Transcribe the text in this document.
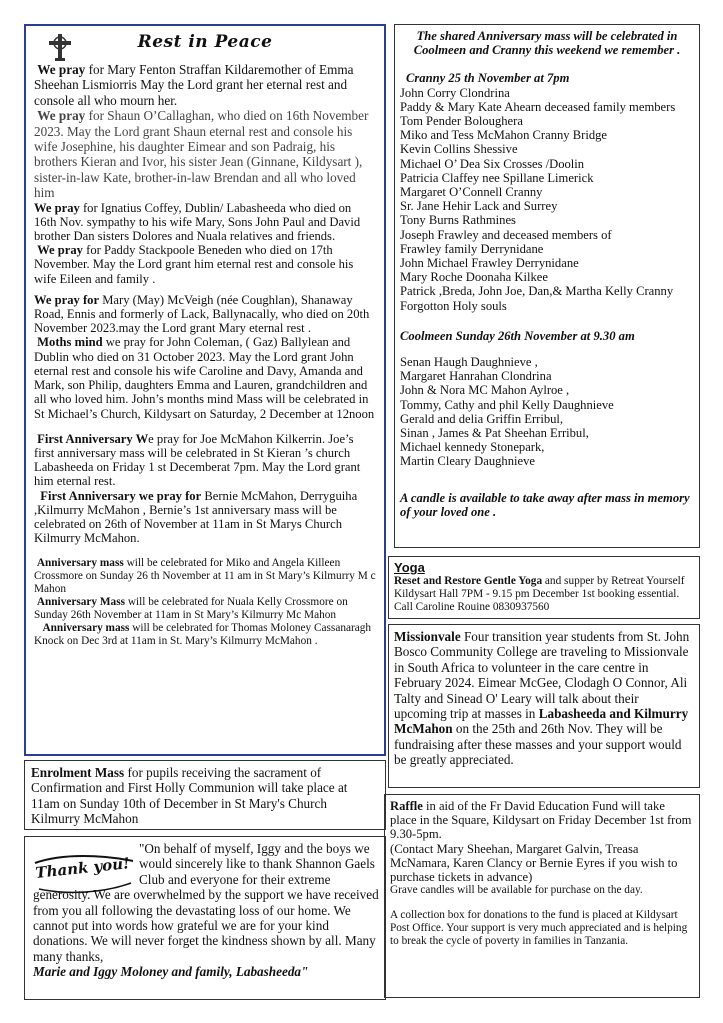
Rest in Peace

We pray for Mary Fenton Straffan Kildaremother of Emma Sheehan Lismiorris May the Lord grant her eternal rest and console all who mourn her.

We pray for Shaun O’Callaghan, who died on 16th November 2023. May the Lord grant Shaun eternal rest and console his wife Josephine, his daughter Eimear and son Padraig, his brothers Kieran and Ivor, his sister Jean (Ginnane, Kildysart ), sister-in-law Kate, brother-in-law Brendan and all who loved him

We pray for Ignatius Coffey, Dublin/ Labasheeda who died on 16th Nov. sympathy to his wife Mary, Sons John Paul and David brother Dan sisters Dolores and Nuala relatives and friends.

We pray for Paddy Stackpoole Beneden who died on 17th November. May the Lord grant him eternal rest and console his wife Eileen and family .

We pray for Mary (May) McVeigh (née Coughlan), Shanaway Road, Ennis and formerly of Lack, Ballynacally, who died on 20th November 2023.may the Lord grant Mary eternal rest .

Moths mind we pray for John Coleman, ( Gaz) Ballylean and Dublin who died on 31 October 2023. May the Lord grant John eternal rest and console his wife Caroline and Davy, Amanda and Mark, son Philip, daughters Emma and Lauren, grandchildren and all who loved him. John’s months mind Mass will be celebrated in St Michael’s Church, Kildysart on Saturday, 2 December at 12noon

First Anniversary We pray for Joe McMahon Kilkerrin. Joe’s first anniversary mass will be celebrated in St Kieran ’s church Labasheeda on Friday 1 st Decemberat 7pm. May the Lord grant him eternal rest.

First Anniversary we pray for Bernie McMahon, Derryguiha ,Kilmurry McMahon , Bernie’s 1st anniversary mass will be celebrated on 26th of November at 11am in St Marys Church Kilmurry McMahon.

Anniversary mass will be celebrated for Miko and Angela Killeen Crossmore on Sunday 26 th November at 11 am in St Mary’s Kilmurry M c Mahon

Anniversary Mass will be celebrated for Nuala Kelly Crossmore on Sunday 26th November at 11am in St Mary’s Kilmurry Mc Mahon

Anniversary mass will be celebrated for Thomas Moloney Cassanaragh Knock on Dec 3rd at 11am in St. Mary’s Kilmurry McMahon .

Enrolment Mass for pupils receiving the sacrament of Confirmation and First Holly Communion will take place at 11am on Sunday 10th of December in St Mary's Church Kilmurry McMahon

Thank you!

"On behalf of myself, Iggy and the boys we would sincerely like to thank Shannon Gaels Club and everyone for their extreme generosity. We are overwhelmed by the support we have received from you all following the devastating loss of our home. We cannot put into words how grateful we are for your kind donations. We will never forget the kindness shown by all. Many many thanks,
Marie and Iggy Moloney and family, Labasheeda"

The shared Anniversary mass will be celebrated in Coolmeen and Cranny this weekend we remember .

Cranny 25 th November at 7pm

John Corry Clondrina
Paddy & Mary Kate Ahearn deceased family members
Tom Pender Boloughera
Miko and Tess McMahon Cranny Bridge
Kevin Collins Shessive
Michael O’ Dea Six Crosses /Doolin
Patricia Claffey nee Spillane Limerick
Margaret O’Connell Cranny
Sr. Jane Hehir Lack and Surrey
Tony Burns Rathmines
Joseph Frawley and deceased members of
Frawley family Derrynidane
John Michael Frawley Derrynidane
Mary Roche Doonaha Kilkee
Patrick ,Breda, John Joe, Dan,& Martha Kelly Cranny
Forgotton Holy souls

Coolmeen Sunday 26th November at 9.30 am

Senan Haugh Daughnieve ,
Margaret Hanrahan Clondrina
John & Nora MC Mahon Aylroe ,
Tommy, Cathy and phil Kelly Daughnieve
Gerald and delia Griffin Erribul,
Sinan , James & Pat Sheehan Erribul,
Michael kennedy Stonepark,
Martin Cleary Daughnieve

A candle is available to take away after mass in memory of your loved one .

Yoga

Reset and Restore Gentle Yoga and supper by Retreat Yourself Kildysart Hall 7PM - 9.15 pm December 1st booking essential. Call Caroline Rouine 0830937560

Missionvale Four transition year students from St. John Bosco Community College are traveling to Missionvale in South Africa to volunteer in the care centre in February 2024. Eimear McGee, Clodagh O Connor, Ali Talty and Sinead O' Leary will talk about their upcoming trip at masses in Labasheeda and Kilmurry McMahon on the 25th and 26th Nov. They will be fundraising after these masses and your support would be greatly appreciated.

Raffle in aid of the Fr David Education Fund will take place in the Square, Kildysart on Friday December 1st from 9.30-5pm.

(Contact Mary Sheehan, Margaret Galvin, Treasa McNamara, Karen Clancy or Bernie Eyres if you wish to purchase tickets in advance)

Grave candles will be available for purchase on the day.

A collection box for donations to the fund is placed at Kildysart Post Office. Your support is very much appreciated and is helping to break the cycle of poverty in families in Tanzania.
